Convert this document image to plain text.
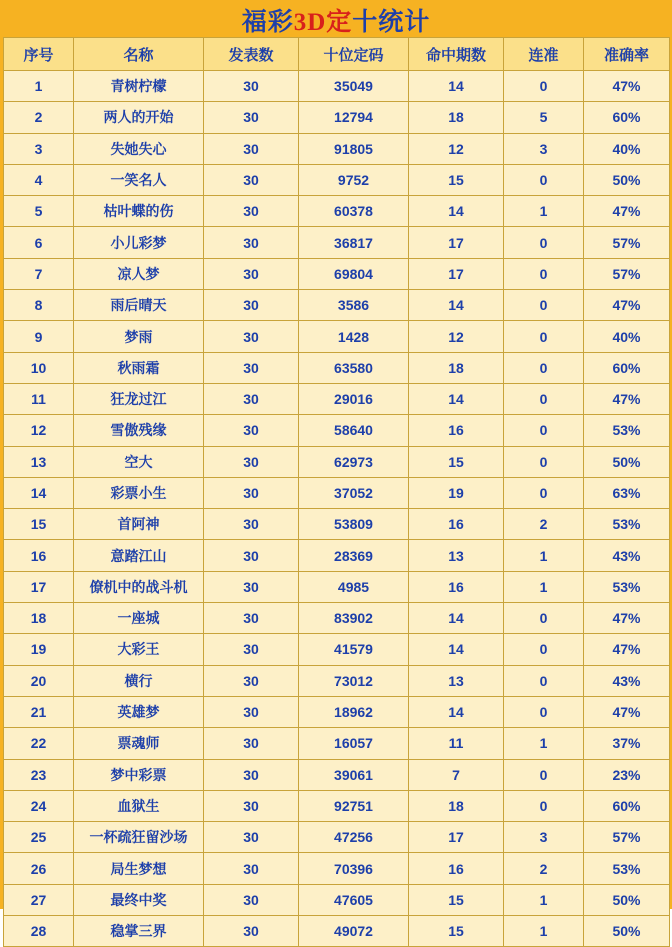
福彩3D定十统计
序号	名称	发表数	十位定码	命中期数	连准	准确率
1	青树柠檬	30	35049	14	0	47%
2	两人的开始	30	12794	18	5	60%
3	失她失心	30	91805	12	3	40%
4	一笑名人	30	9752	15	0	50%
5	枯叶蝶的伤	30	60378	14	1	47%
6	小儿彩梦	30	36817	17	0	57%
7	凉人梦	30	69804	17	0	57%
8	雨后晴天	30	3586	14	0	47%
9	梦雨	30	1428	12	0	40%
10	秋雨霜	30	63580	18	0	60%
11	狂龙过江	30	29016	14	0	47%
12	雪傲残缘	30	58640	16	0	53%
13	空大	30	62973	15	0	50%
14	彩票小生	30	37052	19	0	63%
15	首阿神	30	53809	16	2	53%
16	意踏江山	30	28369	13	1	43%
17	僚机中的战斗机	30	4985	16	1	53%
18	一座城	30	83902	14	0	47%
19	大彩王	30	41579	14	0	47%
20	横行	30	73012	13	0	43%
21	英雄梦	30	18962	14	0	47%
22	票魂师	30	16057	11	1	37%
23	梦中彩票	30	39061	7	0	23%
24	血狱生	30	92751	18	0	60%
25	一杯疏狂留沙场	30	47256	17	3	57%
26	局生梦想	30	70396	16	2	53%
27	最终中奖	30	47605	15	1	50%
28	稳掌三界	30	49072	15	1	50%
